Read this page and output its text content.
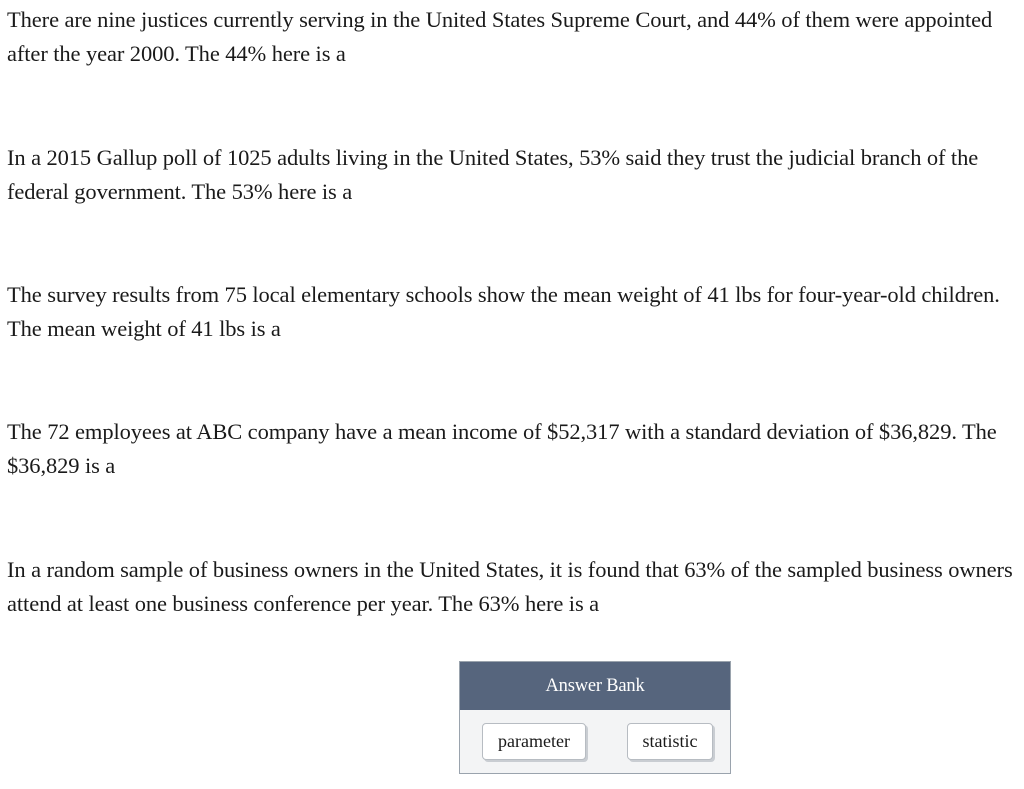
There are nine justices currently serving in the United States Supreme Court, and 44% of them were appointed after the year 2000. The 44% here is a

In a 2015 Gallup poll of 1025 adults living in the United States, 53% said they trust the judicial branch of the federal government. The 53% here is a

The survey results from 75 local elementary schools show the mean weight of 41 lbs for four-year-old children. The mean weight of 41 lbs is a

The 72 employees at ABC company have a mean income of $52,317 with a standard deviation of $36,829. The $36,829 is a

In a random sample of business owners in the United States, it is found that 63% of the sampled business owners attend at least one business conference per year. The 63% here is a

Answer Bank
parameter	statistic
